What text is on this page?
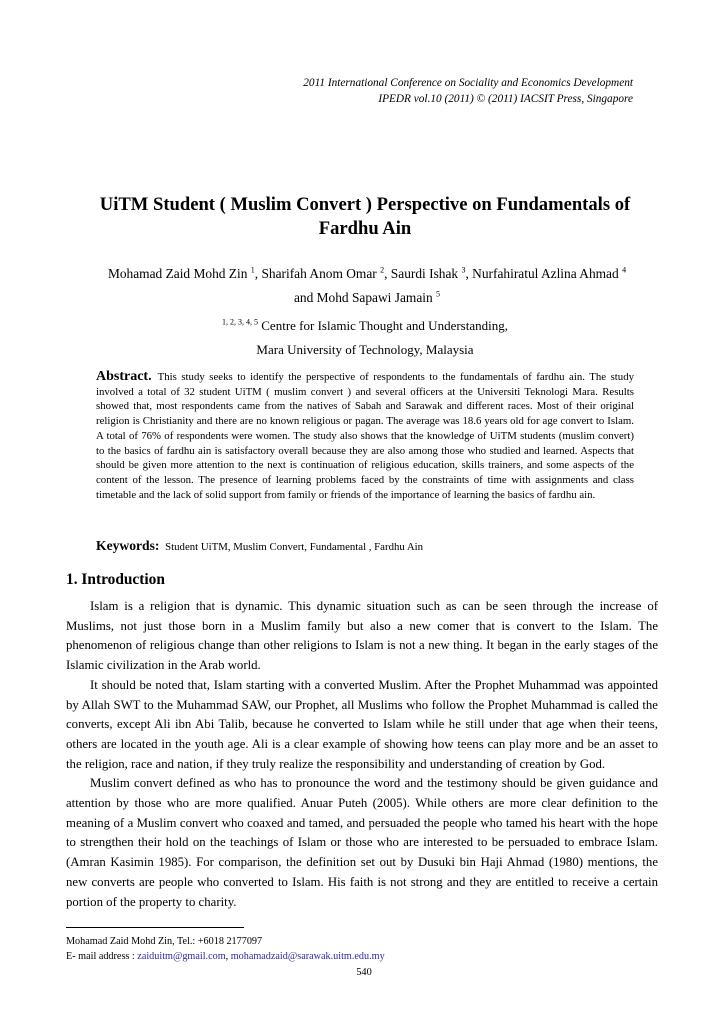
2011 International Conference on Sociality and Economics Development
IPEDR vol.10 (2011) © (2011) IACSIT Press, Singapore
UiTM Student ( Muslim Convert ) Perspective on Fundamentals of
Fardhu Ain
Mohamad Zaid Mohd Zin $^1$, Sharifah Anom Omar $^2$, Saurdi Ishak $^3$, Nurfahiratul Azlina Ahmad $^4$
and Mohd Sapawi Jamain $^5$
$^{1, 2, 3, 4, 5}$ Centre for Islamic Thought and Understanding,
Mara University of Technology, Malaysia
Abstract. This study seeks to identify the perspective of respondents to the fundamentals of fardhu ain. The study involved a total of 32 student UiTM ( muslim convert ) and several officers at the Universiti Teknologi Mara. Results showed that, most respondents came from the natives of Sabah and Sarawak and different races. Most of their original religion is Christianity and there are no known religious or pagan. The average was 18.6 years old for age convert to Islam. A total of 76% of respondents were women. The study also shows that the knowledge of UiTM students (muslim convert) to the basics of fardhu ain is satisfactory overall because they are also among those who studied and learned. Aspects that should be given more attention to the next is continuation of religious education, skills trainers, and some aspects of the content of the lesson. The presence of learning problems faced by the constraints of time with assignments and class timetable and the lack of solid support from family or friends of the importance of learning the basics of fardhu ain.
Keywords: Student UiTM, Muslim Convert, Fundamental , Fardhu Ain
1. Introduction

Islam is a religion that is dynamic. This dynamic situation such as can be seen through the increase of Muslims, not just those born in a Muslim family but also a new comer that is convert to the Islam. The phenomenon of religious change than other religions to Islam is not a new thing. It began in the early stages of the Islamic civilization in the Arab world.

It should be noted that, Islam starting with a converted Muslim. After the Prophet Muhammad was appointed by Allah SWT to the Muhammad SAW, our Prophet, all Muslims who follow the Prophet Muhammad is called the converts, except Ali ibn Abi Talib, because he converted to Islam while he still under that age when their teens, others are located in the youth age. Ali is a clear example of showing how teens can play more and be an asset to the religion, race and nation, if they truly realize the responsibility and understanding of creation by God.

Muslim convert defined as who has to pronounce the word and the testimony should be given guidance and attention by those who are more qualified. Anuar Puteh (2005). While others are more clear definition to the meaning of a Muslim convert who coaxed and tamed, and persuaded the people who tamed his heart with the hope to strengthen their hold on the teachings of Islam or those who are interested to be persuaded to embrace Islam. (Amran Kasimin 1985). For comparison, the definition set out by Dusuki bin Haji Ahmad (1980) mentions, the new converts are people who converted to Islam. His faith is not strong and they are entitled to receive a certain portion of the property to charity.

Mohamad Zaid Mohd Zin, Tel.: +6018 2177097
E- mail address : zaiduitm@gmail.com, mohamadzaid@sarawak.uitm.edu.my
540
